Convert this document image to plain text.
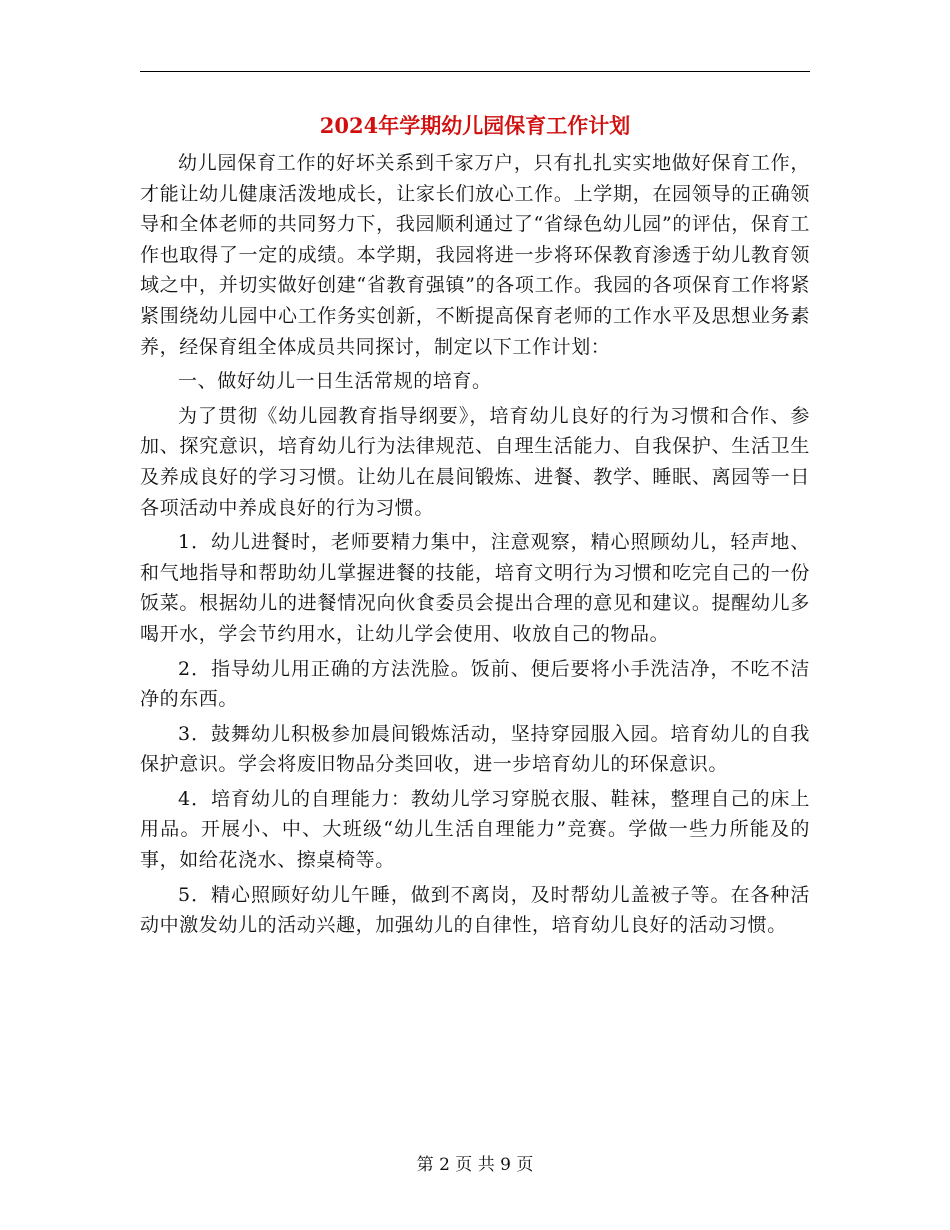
2024年学期幼儿园保育工作计划

幼儿园保育工作的好坏关系到千家万户，只有扎扎实实地做好保育工作，才能让幼儿健康活泼地成长，让家长们放心工作。上学期，在园领导的正确领导和全体老师的共同努力下，我园顺利通过了“省绿色幼儿园”的评估，保育工作也取得了一定的成绩。本学期，我园将进一步将环保教育渗透于幼儿教育领域之中，并切实做好创建“省教育强镇”的各项工作。我园的各项保育工作将紧紧围绕幼儿园中心工作务实创新，不断提高保育老师的工作水平及思想业务素养，经保育组全体成员共同探讨，制定以下工作计划：

一、做好幼儿一日生活常规的培育。

为了贯彻《幼儿园教育指导纲要》，培育幼儿良好的行为习惯和合作、参加、探究意识，培育幼儿行为法律规范、自理生活能力、自我保护、生活卫生及养成良好的学习习惯。让幼儿在晨间锻炼、进餐、教学、睡眠、离园等一日各项活动中养成良好的行为习惯。

1．幼儿进餐时，老师要精力集中，注意观察，精心照顾幼儿，轻声地、和气地指导和帮助幼儿掌握进餐的技能，培育文明行为习惯和吃完自己的一份饭菜。根据幼儿的进餐情况向伙食委员会提出合理的意见和建议。提醒幼儿多喝开水，学会节约用水，让幼儿学会使用、收放自己的物品。

2．指导幼儿用正确的方法洗脸。饭前、便后要将小手洗洁净，不吃不洁净的东西。

3．鼓舞幼儿积极参加晨间锻炼活动，坚持穿园服入园。培育幼儿的自我保护意识。学会将废旧物品分类回收，进一步培育幼儿的环保意识。

4．培育幼儿的自理能力：教幼儿学习穿脱衣服、鞋袜，整理自己的床上用品。开展小、中、大班级“幼儿生活自理能力”竞赛。学做一些力所能及的事，如给花浇水、擦桌椅等。

5．精心照顾好幼儿午睡，做到不离岗，及时帮幼儿盖被子等。在各种活动中激发幼儿的活动兴趣，加强幼儿的自律性，培育幼儿良好的活动习惯。

第 2 页 共 9 页
